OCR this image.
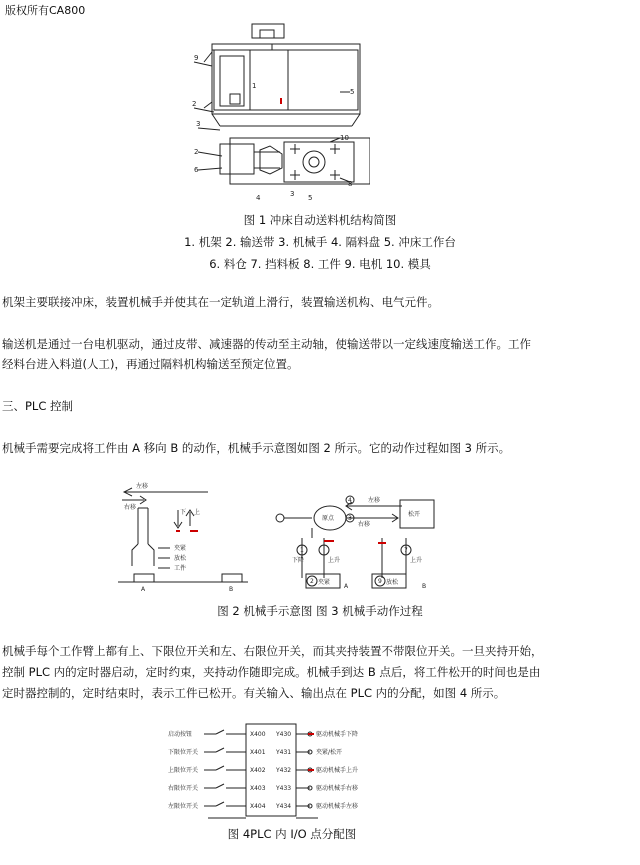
版权所有CA800
9
1
2
3
2
6
4	3
5
8
10
5
图 1 冲床自动送料机结构简图
1. 机架 2. 输送带 3. 机械手 4. 隔料盘 5. 冲床工作台
6. 料仓 7. 挡料板 8. 工件 9. 电机 10. 模具
机架主要联接冲床，装置机械手并使其在一定轨道上滑行，装置输送机构、电气元件。
输送机是通过一台电机驱动，通过皮带、减速器的传动至主动轴，使输送带以一定线速度输送工作。工作
经料台进入料道(人工)，再通过隔料机构输送至预定位置。
三、PLC 控制
机械手需要完成将工件由 A 移向 B 的动作，机械手示意图如图 2 所示。它的动作过程如图 3 所示。
左移
右移
下 上
夹紧
放松
工件
A	B
原点
左移
右移
松开
下降	上升
夹紧	放松
上升
A	B
4
3
1
2
7
9
图 2 机械手示意图 图 3 机械手动作过程
机械手每个工作臂上都有上、下限位开关和左、右限位开关，而其夹持装置不带限位开关。一旦夹持开始，
控制 PLC 内的定时器启动，定时约束，夹持动作随即完成。机械手到达 B 点后，将工件松开的时间也是由
定时器控制的，定时结束时，表示工件已松开。有关输入、输出点在 PLC 内的分配，如图 4 所示。
启动按钮	X400 Y430	驱动机械手下降
下限位开关	X401 Y431	夹紧/松开
上限位开关	X402 Y432	驱动机械手上升
右限位开关	X403 Y433	驱动机械手右移
左限位开关	X404 Y434	驱动机械手左移
图 4PLC 内 I/O 点分配图
